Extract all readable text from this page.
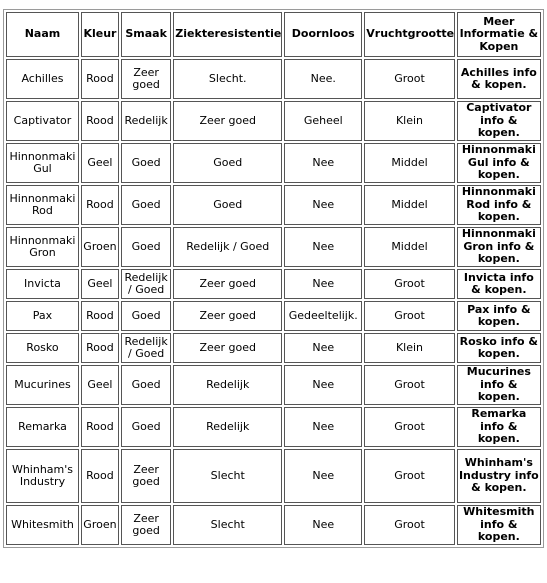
Naam	Kleur	Smaak	Ziekteresistentie	Doornloos	Vruchtgrootte	Meer Informatie & Kopen
Achilles	Rood	Zeer goed	Slecht.	Nee.	Groot	Achilles info & kopen.
Captivator	Rood	Redelijk	Zeer goed	Geheel	Klein	Captivator info & kopen.
Hinnonmaki Gul	Geel	Goed	Goed	Nee	Middel	Hinnonmaki Gul info & kopen.
Hinnonmaki Rod	Rood	Goed	Goed	Nee	Middel	Hinnonmaki Rod info & kopen.
Hinnonmaki Gron	Groen	Goed	Redelijk / Goed	Nee	Middel	Hinnonmaki Gron info & kopen.
Invicta	Geel	Redelijk / Goed	Zeer goed	Nee	Groot	Invicta info & kopen.
Pax	Rood	Goed	Zeer goed	Gedeeltelijk.	Groot	Pax info & kopen.
Rosko	Rood	Redelijk / Goed	Zeer goed	Nee	Klein	Rosko info & kopen.
Mucurines	Geel	Goed	Redelijk	Nee	Groot	Mucurines info & kopen.
Remarka	Rood	Goed	Redelijk	Nee	Groot	Remarka info & kopen.
Whinham's Industry	Rood	Zeer goed	Slecht	Nee	Groot	Whinham's Industry info & kopen.
Whitesmith	Groen	Zeer goed	Slecht	Nee	Groot	Whitesmith info & kopen.
